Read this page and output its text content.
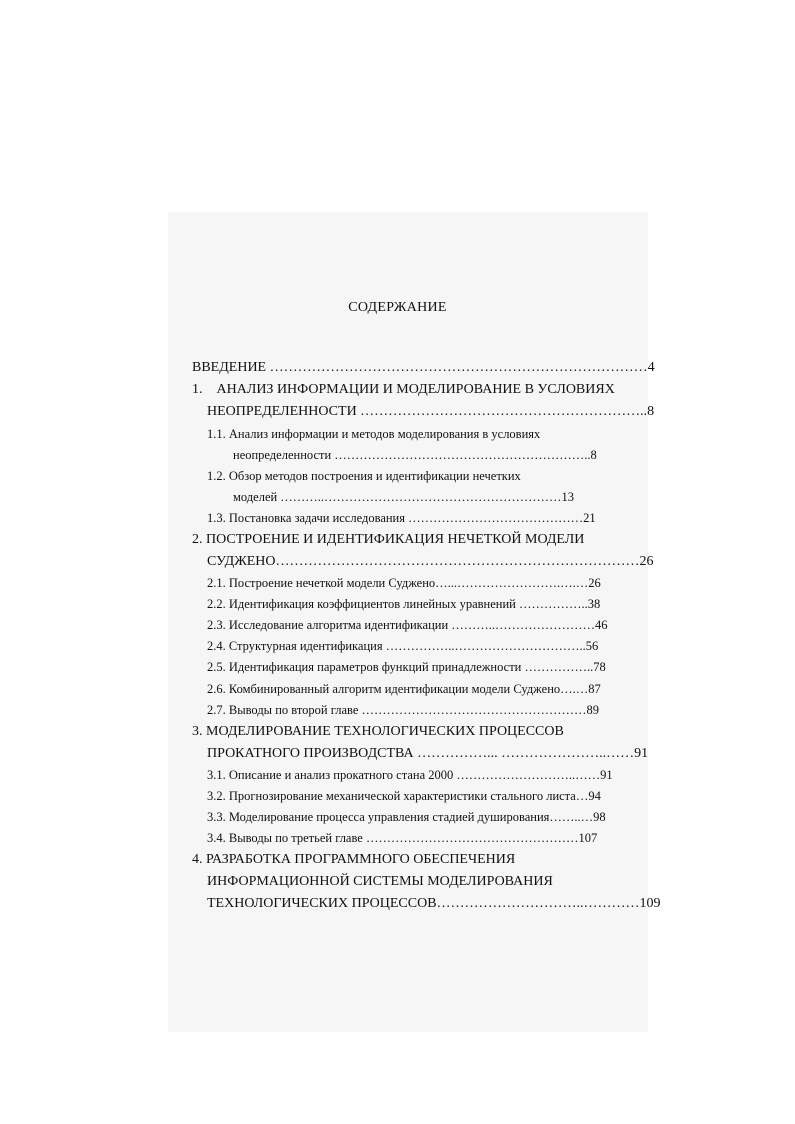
СОДЕРЖАНИЕ
ВВЕДЕНИЕ ………………………………………………………………………4
1.    АНАЛИЗ ИНФОРМАЦИИ И МОДЕЛИРОВАНИЕ В УСЛОВИЯХ
НЕОПРЕДЕЛЕННОСТИ ……………………………………………………..8
1.1. Анализ информации и методов моделирования в условиях
неопределенности ……………………………………………………..8
1.2. Обзор методов построения и идентификации нечетких
моделей ………..…………………………………………………13
1.3. Постановка задачи исследования ……………………………………21
2. ПОСТРОЕНИЕ И ИДЕНТИФИКАЦИЯ НЕЧЕТКОЙ МОДЕЛИ
СУДЖЕНО……………………………………………………………………26
2.1. Построение нечеткой модели Суджено…...…………………….….…26
2.2. Идентификация коэффициентов линейных уравнений ……………..38
2.3. Исследование алгоритма идентификации ………..……………………46
2.4. Структурная идентификация ……………..…………………………..56
2.5. Идентификация параметров функций принадлежности ……………..78
2.6. Комбинированный алгоритм идентификации модели Суджено….…87
2.7. Выводы по второй главе ………………………………………………89
3. МОДЕЛИРОВАНИЕ ТЕХНОЛОГИЧЕСКИХ ПРОЦЕССОВ
ПРОКАТНОГО ПРОИЗВОДСТВА ……………... …………………..……91
3.1. Описание и анализ прокатного стана 2000 ………………………..……91
3.2. Прогнозирование механической характеристики стального листа…94
3.3. Моделирование процесса управления стадией душирования……..…98
3.4. Выводы по третьей главе ……………………………………………107
4. РАЗРАБОТКА ПРОГРАММНОГО ОБЕСПЕЧЕНИЯ
ИНФОРМАЦИОННОЙ СИСТЕМЫ МОДЕЛИРОВАНИЯ
ТЕХНОЛОГИЧЕСКИХ ПРОЦЕССОВ…………………………..…………109
